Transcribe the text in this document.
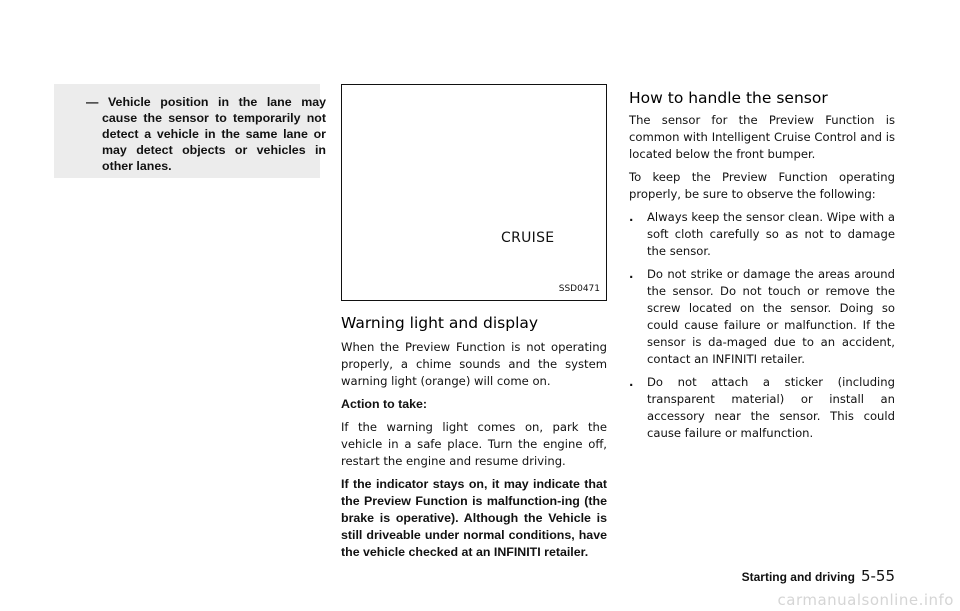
— Vehicle position in the lane may cause the sensor to temporarily not detect a vehicle in the same lane or may detect objects or vehicles in other lanes.

CRUISE
SSD0471
Warning light and display

When the Preview Function is not operating properly, a chime sounds and the system warning light (orange) will come on.

Action to take:

If the warning light comes on, park the vehicle in a safe place. Turn the engine off, restart the engine and resume driving.

If the indicator stays on, it may indicate that the Preview Function is malfunction-ing (the brake is operative). Although the Vehicle is still driveable under normal conditions, have the vehicle checked at an INFINITI retailer.

How to handle the sensor

The sensor for the Preview Function is common with Intelligent Cruise Control and is located below the front bumper.

To keep the Preview Function operating properly, be sure to observe the following:

. Always keep the sensor clean. Wipe with a soft cloth carefully so as not to damage the sensor.
. Do not strike or damage the areas around the sensor. Do not touch or remove the screw located on the sensor. Doing so could cause failure or malfunction. If the sensor is da-maged due to an accident, contact an INFINITI retailer.
. Do not attach a sticker (including transparent material) or install an accessory near the sensor. This could cause failure or malfunction.
Starting and driving 5-55
carmanualsonline.info
